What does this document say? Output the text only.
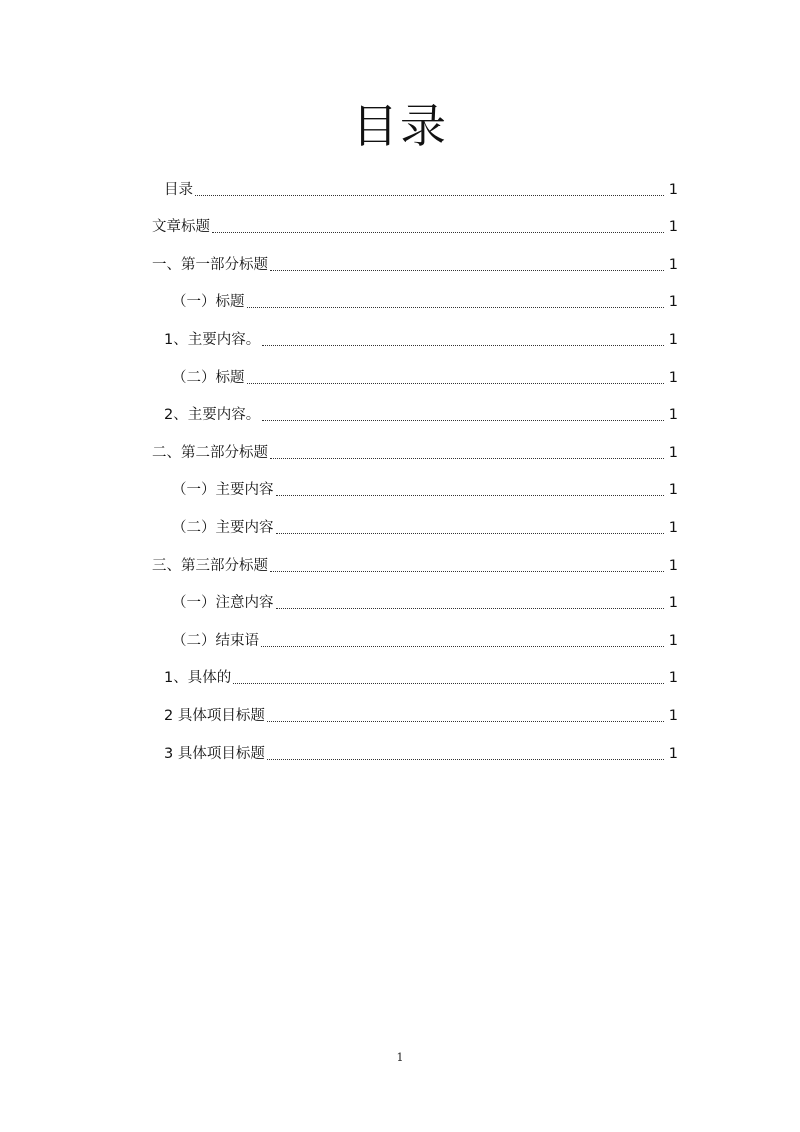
目录
目录	1
文章标题	1
一、第一部分标题	1
（一）标题	1
1、主要内容。	1
（二）标题	1
2、主要内容。	1
二、第二部分标题	1
（一）主要内容	1
（二）主要内容	1
三、第三部分标题	1
（一）注意内容	1
（二）结束语	1
1、具体的	1
2 具体项目标题	1
3 具体项目标题	1
1
